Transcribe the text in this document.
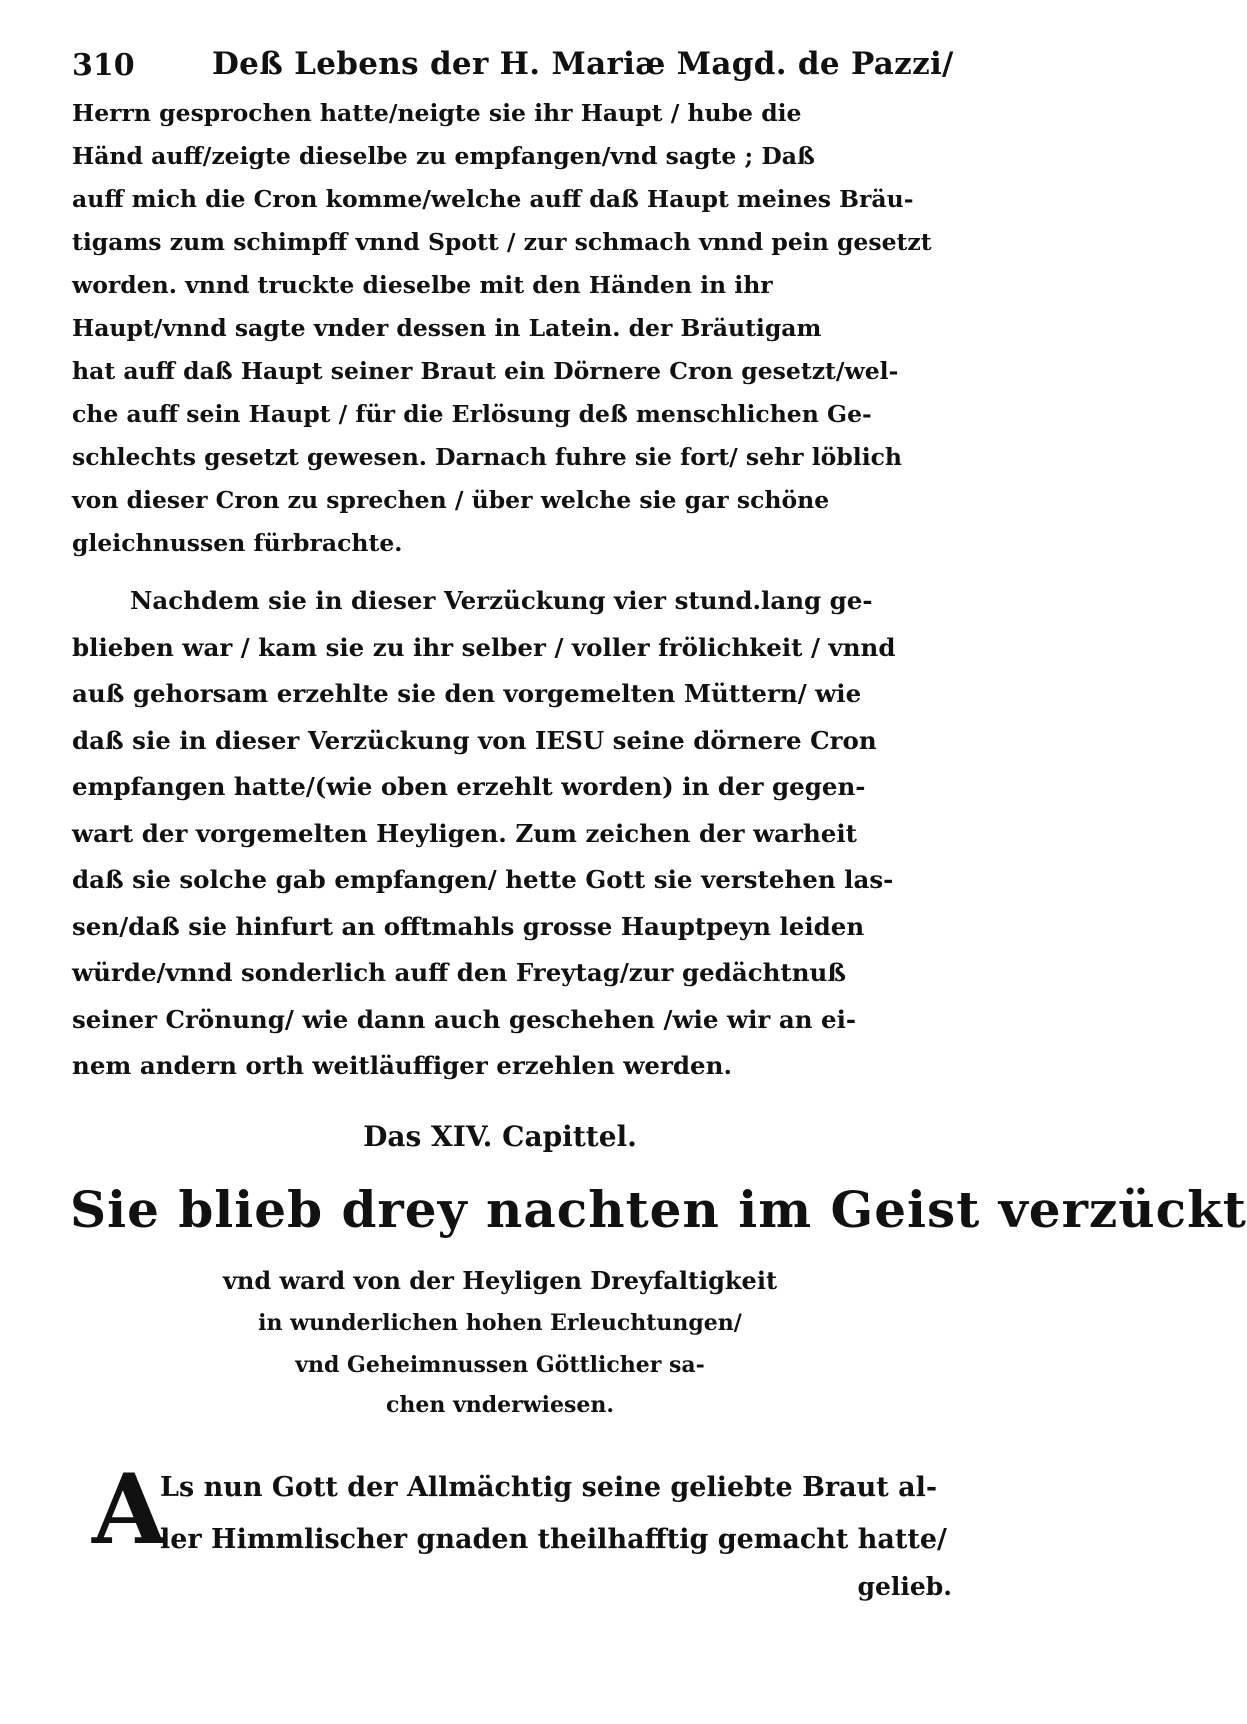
310 Deß Lebens der H. Mariæ Magd. de Pazzi/
Herrn gesprochen hatte/neigte sie ihr Haupt / hube die
Händ auff/zeigte dieselbe zu empfangen/vnd sagte ; Daß
auff mich die Cron komme/welche auff daß Haupt meines Bräu-
tigams zum schimpff vnnd Spott / zur schmach vnnd pein gesetzt
worden. vnnd truckte dieselbe mit den Händen in ihr
Haupt/vnnd sagte vnder dessen in Latein. der Bräutigam
hat auff daß Haupt seiner Braut ein Dörnere Cron gesetzt/wel-
che auff sein Haupt / für die Erlösung deß menschlichen Ge-
schlechts gesetzt gewesen. Darnach fuhre sie fort/ sehr löblich
von dieser Cron zu sprechen / über welche sie gar schöne
gleichnussen fürbrachte.
Nachdem sie in dieser Verzückung vier stund.lang ge-
blieben war / kam sie zu ihr selber / voller frölichkeit / vnnd
auß gehorsam erzehlte sie den vorgemelten Müttern/ wie
daß sie in dieser Verzückung von IESU seine dörnere Cron
empfangen hatte/(wie oben erzehlt worden) in der gegen-
wart der vorgemelten Heyligen. Zum zeichen der warheit
daß sie solche gab empfangen/ hette Gott sie verstehen las-
sen/daß sie hinfurt an offtmahls grosse Hauptpeyn leiden
würde/vnnd sonderlich auff den Freytag/zur gedächtnuß
seiner Crönung/ wie dann auch geschehen /wie wir an ei-
nem andern orth weitläuffiger erzehlen werden.
Das XIV. Capittel.
Sie blieb drey nachten im Geist verzückt
vnd ward von der Heyligen Dreyfaltigkeit
in wunderlichen hohen Erleuchtungen/
vnd Geheimnussen Göttlicher sa-
chen vnderwiesen.
A
Ls nun Gott der Allmächtig seine geliebte Braut al-
ler Himmlischer gnaden theilhafftig gemacht hatte/
gelieb.
